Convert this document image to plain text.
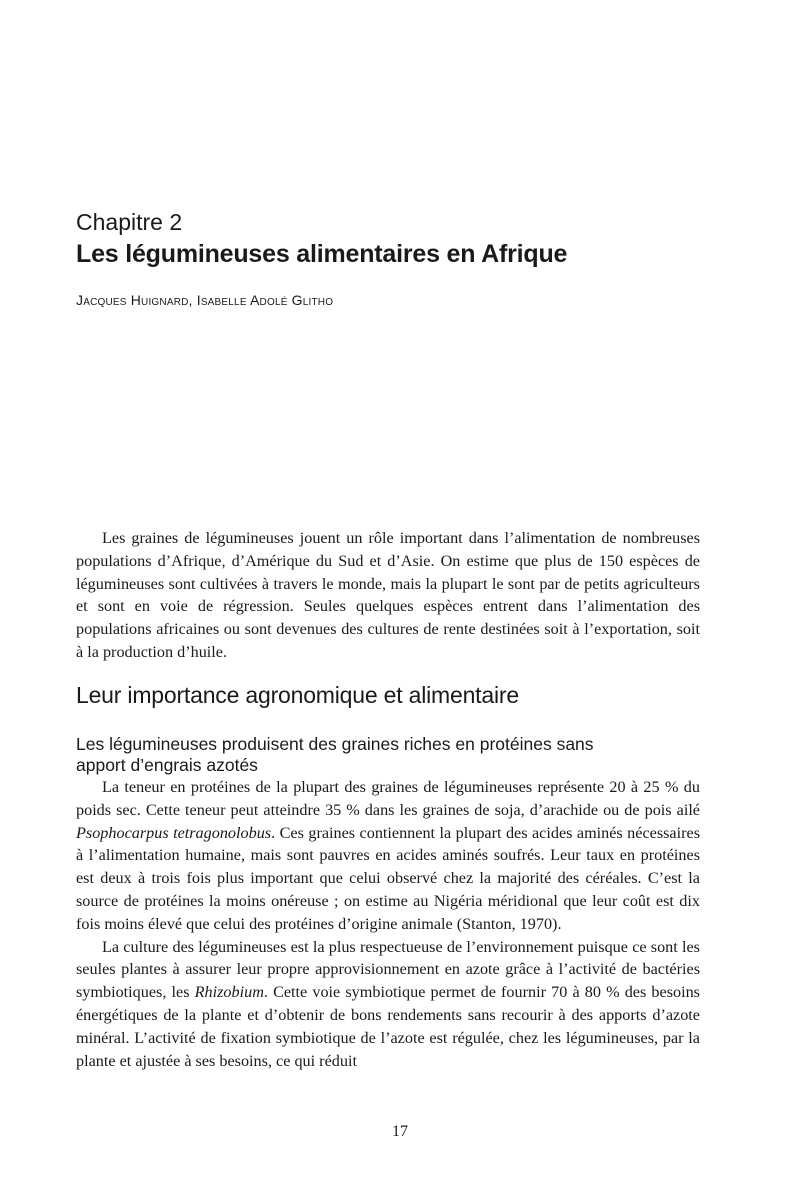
Chapitre 2
Les légumineuses alimentaires en Afrique

Jacques Huignard, Isabelle Adolé Glitho

Les graines de légumineuses jouent un rôle important dans l’alimentation de nombreuses populations d’Afrique, d’Amérique du Sud et d’Asie. On estime que plus de 150 espèces de légumineuses sont cultivées à travers le monde, mais la plupart le sont par de petits agriculteurs et sont en voie de régression. Seules quelques espèces entrent dans l’alimentation des populations africaines ou sont devenues des cultures de rente destinées soit à l’exportation, soit à la production d’huile.

Leur importance agronomique et alimentaire
Les légumineuses produisent des graines riches en protéines sans apport d’engrais azotés

La teneur en protéines de la plupart des graines de légumineuses représente 20 à 25 % du poids sec. Cette teneur peut atteindre 35 % dans les graines de soja, d’arachide ou de pois ailé Psophocarpus tetragonolobus. Ces graines contiennent la plupart des acides aminés nécessaires à l’alimentation humaine, mais sont pauvres en acides aminés soufrés. Leur taux en protéines est deux à trois fois plus important que celui observé chez la majorité des céréales. C’est la source de protéines la moins onéreuse ; on estime au Nigéria méridional que leur coût est dix fois moins élevé que celui des protéines d’origine animale (Stanton, 1970).

La culture des légumineuses est la plus respectueuse de l’environnement puisque ce sont les seules plantes à assurer leur propre approvisionnement en azote grâce à l’activité de bactéries symbiotiques, les Rhizobium. Cette voie symbiotique permet de fournir 70 à 80 % des besoins énergétiques de la plante et d’obtenir de bons rendements sans recourir à des apports d’azote minéral. L’activité de fixation symbiotique de l’azote est régulée, chez les légumineuses, par la plante et ajustée à ses besoins, ce qui réduit

17
